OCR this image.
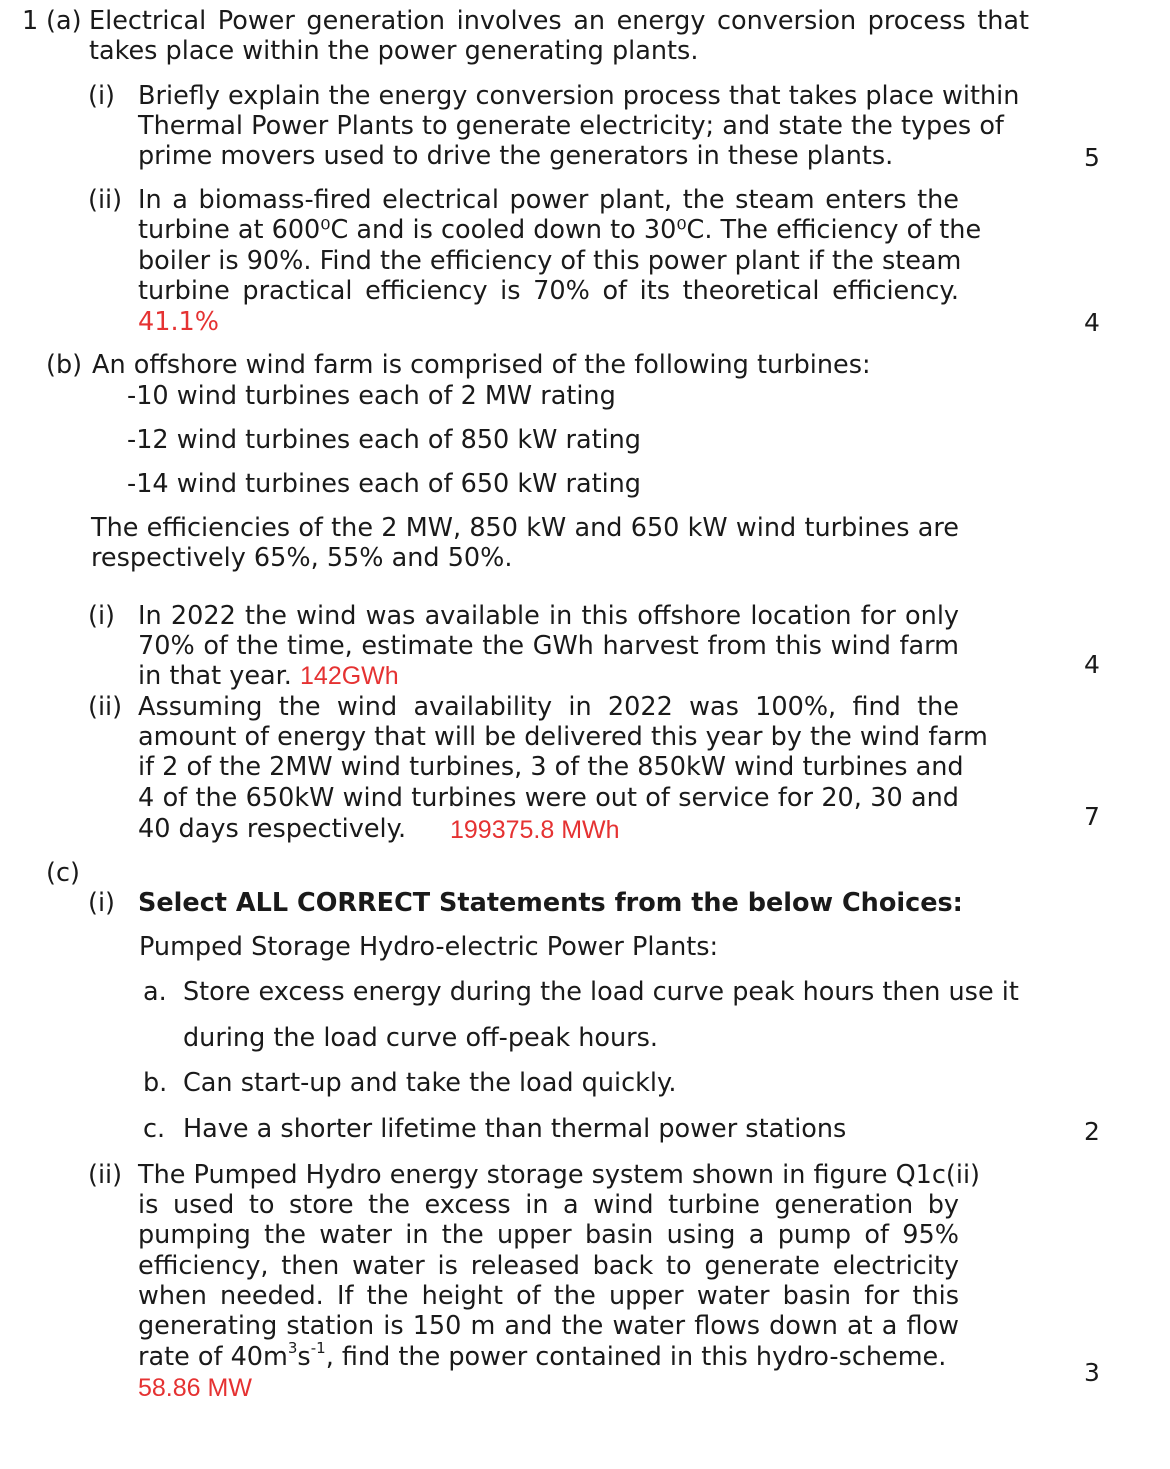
1 (a) Electrical Power generation involves an energy conversion process that
takes place within the power generating plants.
(i) Briefly explain the energy conversion process that takes place within
Thermal Power Plants to generate electricity; and state the types of
prime movers used to drive the generators in these plants.	5
(ii) In a biomass-fired electrical power plant, the steam enters the
turbine at 600⁰C and is cooled down to 30⁰C. The efficiency of the
boiler is 90%. Find the efficiency of this power plant if the steam
turbine practical efficiency is 70% of its theoretical efficiency.
41.1%	4
(b) An offshore wind farm is comprised of the following turbines:
-10 wind turbines each of 2 MW rating
-12 wind turbines each of 850 kW rating
-14 wind turbines each of 650 kW rating
The efficiencies of the 2 MW, 850 kW and 650 kW wind turbines are
respectively 65%, 55% and 50%.
(i) In 2022 the wind was available in this offshore location for only
70% of the time, estimate the GWh harvest from this wind farm
in that year. 142GWh	4
(ii) Assuming the wind availability in 2022 was 100%, find the
amount of energy that will be delivered this year by the wind farm
if 2 of the 2MW wind turbines, 3 of the 850kW wind turbines and
4 of the 650kW wind turbines were out of service for 20, 30 and
40 days respectively. 199375.8 MWh	7
(c)
(i) Select ALL CORRECT Statements from the below Choices:
Pumped Storage Hydro-electric Power Plants:
a. Store excess energy during the load curve peak hours then use it
during the load curve off-peak hours.
b. Can start-up and take the load quickly.
c. Have a shorter lifetime than thermal power stations	2
(ii) The Pumped Hydro energy storage system shown in figure Q1c(ii)
is used to store the excess in a wind turbine generation by
pumping the water in the upper basin using a pump of 95%
efficiency, then water is released back to generate electricity
when needed. If the height of the upper water basin for this
generating station is 150 m and the water flows down at a flow
rate of $40m^3s^{-1}$, find the power contained in this hydro-scheme.
58.86 MW
3
